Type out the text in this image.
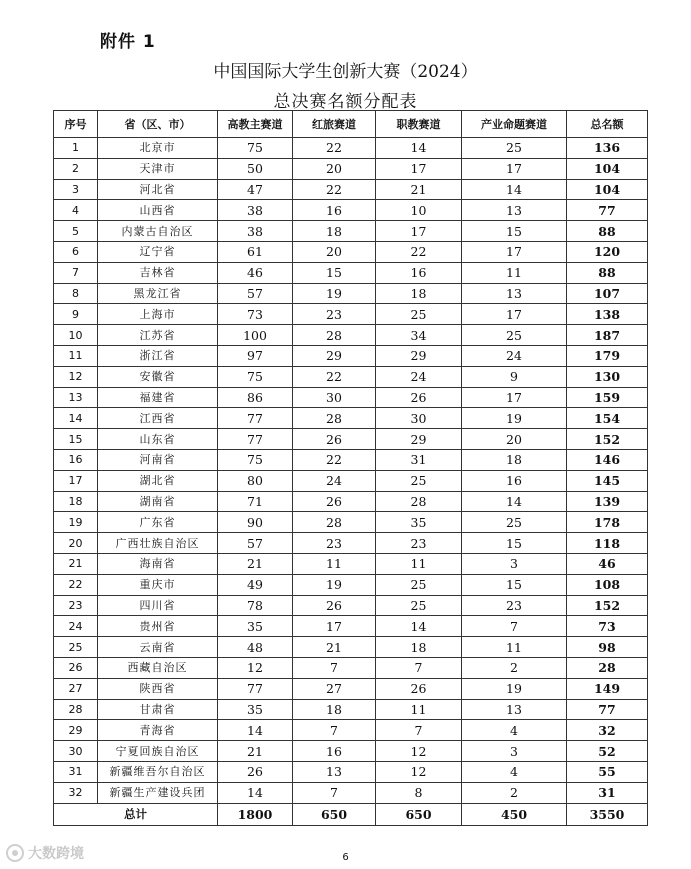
附件 1
中国国际大学生创新大赛（2024）
总决赛名额分配表
序号	省（区、市）	高教主赛道	红旅赛道	职教赛道	产业命题赛道	总名额
1	北京市	75	22	14	25	136
2	天津市	50	20	17	17	104
3	河北省	47	22	21	14	104
4	山西省	38	16	10	13	77
5	内蒙古自治区	38	18	17	15	88
6	辽宁省	61	20	22	17	120
7	吉林省	46	15	16	11	88
8	黑龙江省	57	19	18	13	107
9	上海市	73	23	25	17	138
10	江苏省	100	28	34	25	187
11	浙江省	97	29	29	24	179
12	安徽省	75	22	24	9	130
13	福建省	86	30	26	17	159
14	江西省	77	28	30	19	154
15	山东省	77	26	29	20	152
16	河南省	75	22	31	18	146
17	湖北省	80	24	25	16	145
18	湖南省	71	26	28	14	139
19	广东省	90	28	35	25	178
20	广西壮族自治区	57	23	23	15	118
21	海南省	21	11	11	3	46
22	重庆市	49	19	25	15	108
23	四川省	78	26	25	23	152
24	贵州省	35	17	14	7	73
25	云南省	48	21	18	11	98
26	西藏自治区	12	7	7	2	28
27	陕西省	77	27	26	19	149
28	甘肃省	35	18	11	13	77
29	青海省	14	7	7	4	32
30	宁夏回族自治区	21	16	12	3	52
31	新疆维吾尔自治区	26	13	12	4	55
32	新疆生产建设兵团	14	7	8	2	31
总计		1800	650	650	450	3550
大数跨境	6
